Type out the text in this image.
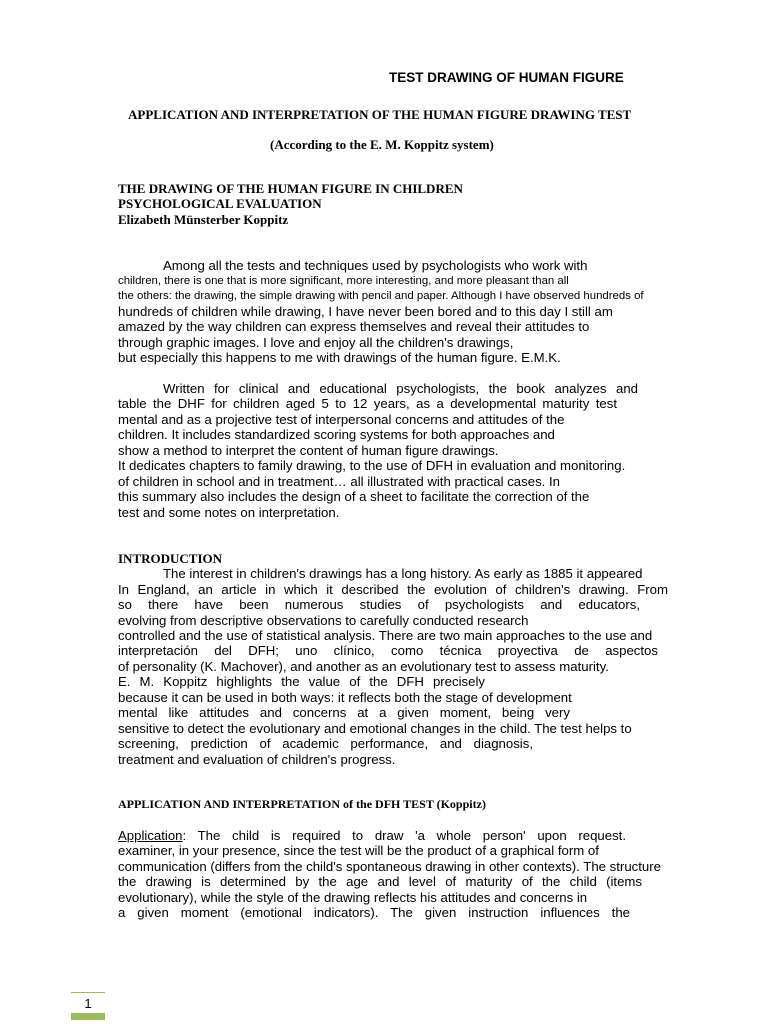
TEST DRAWING OF HUMAN FIGURE
APPLICATION AND INTERPRETATION OF THE HUMAN FIGURE DRAWING TEST
(According to the E. M. Koppitz system)
THE DRAWING OF THE HUMAN FIGURE IN CHILDREN
PSYCHOLOGICAL EVALUATION
Elizabeth Münsterber Koppitz
Among all the tests and techniques used by psychologists who work with
children, there is one that is more significant, more interesting, and more pleasant than all
the others: the drawing, the simple drawing with pencil and paper. Although I have observed hundreds of
hundreds of children while drawing, I have never been bored and to this day I still am
amazed by the way children can express themselves and reveal their attitudes to
through graphic images. I love and enjoy all the children's drawings,
but especially this happens to me with drawings of the human figure. E.M.K.
Written for clinical and educational psychologists, the book analyzes and
table the DHF for children aged 5 to 12 years, as a developmental maturity test
mental and as a projective test of interpersonal concerns and attitudes of the
children. It includes standardized scoring systems for both approaches and
show a method to interpret the content of human figure drawings.
It dedicates chapters to family drawing, to the use of DFH in evaluation and monitoring.
of children in school and in treatment… all illustrated with practical cases. In
this summary also includes the design of a sheet to facilitate the correction of the
test and some notes on interpretation.
INTRODUCTION
The interest in children's drawings has a long history. As early as 1885 it appeared
In England, an article in which it described the evolution of children's drawing. From
so there have been numerous studies of psychologists and educators,
evolving from descriptive observations to carefully conducted research
controlled and the use of statistical analysis. There are two main approaches to the use and
interpretación del DFH; uno clínico, como técnica proyectiva de aspectos
of personality (K. Machover), and another as an evolutionary test to assess maturity.
E. M. Koppitz highlights the value of the DFH precisely
because it can be used in both ways: it reflects both the stage of development
mental like attitudes and concerns at a given moment, being very
sensitive to detect the evolutionary and emotional changes in the child. The test helps to
screening, prediction of academic performance, and diagnosis,
treatment and evaluation of children's progress.
APPLICATION AND INTERPRETATION of the DFH TEST (Koppitz)
Application: The child is required to draw 'a whole person' upon request.
examiner, in your presence, since the test will be the product of a graphical form of
communication (differs from the child's spontaneous drawing in other contexts). The structure
the drawing is determined by the age and level of maturity of the child (items
evolutionary), while the style of the drawing reflects his attitudes and concerns in
a given moment (emotional indicators). The given instruction influences the
1
